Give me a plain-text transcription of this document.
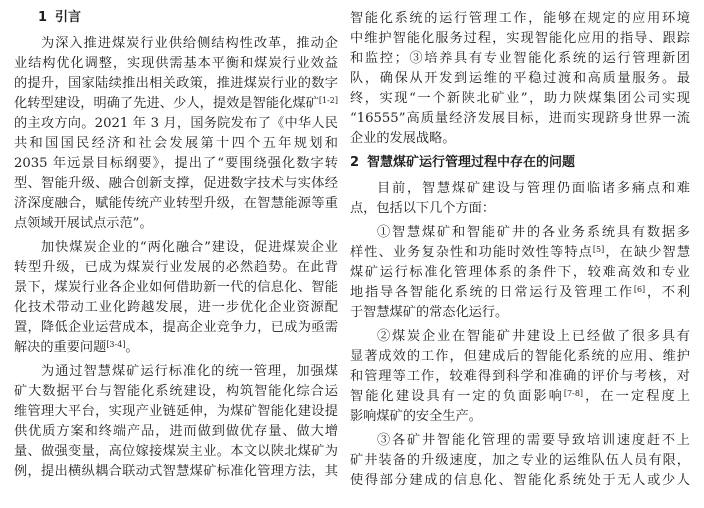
1 引言
为深入推进煤炭行业供给侧结构性改革，推动企
业结构优化调整，实现供需基本平衡和煤炭行业效益
的提升，国家陆续推出相关政策，推进煤炭行业的数字
化转型建设，明确了先进、少人，提效是智能化煤矿[1-2]
的主攻方向。2021 年 3 月，国务院发布了《中华人民
共和国国民经济和社会发展第十四个五年规划和
2035 年远景目标纲要》，提出了“要围绕强化数字转
型、智能升级、融合创新支撑，促进数字技术与实体经
济深度融合，赋能传统产业转型升级，在智慧能源等重
点领域开展试点示范”。
加快煤炭企业的“两化融合”建设，促进煤炭企业
转型升级，已成为煤炭行业发展的必然趋势。在此背
景下，煤炭行业各企业如何借助新一代的信息化、智能
化技术带动工业化跨越发展，进一步优化企业资源配
置，降低企业运营成本，提高企业竞争力，已成为亟需
解决的重要问题[3-4]。
为通过智慧煤矿运行标准化的统一管理，加强煤
矿大数据平台与智能化系统建设，构筑智能化综合运
维管理大平台，实现产业链延伸，为煤矿智能化建设提
供优质方案和终端产品，进而做到做优存量、做大增
量、做强变量，高位嫁接煤炭主业。本文以陕北煤矿为
例，提出横纵耦合联动式智慧煤矿标准化管理方法，其
智能化系统的运行管理工作，能够在规定的应用环境
中维护智能化服务过程，实现智能化应用的指导、跟踪
和监控；③培养具有专业智能化系统的运行管理新团
队，确保从开发到运维的平稳过渡和高质量服务。最
终，实现“一个新陕北矿业”，助力陕煤集团公司实现
“16555”高质量经济发展目标，进而实现跻身世界一流
企业的发展战略。
2 智慧煤矿运行管理过程中存在的问题
目前，智慧煤矿建设与管理仍面临诸多痛点和难
点，包括以下几个方面：
①智慧煤矿和智能矿井的各业务系统具有数据多
样性、业务复杂性和功能时效性等特点[5]，在缺少智慧
煤矿运行标准化管理体系的条件下，较难高效和专业
地指导各智能化系统的日常运行及管理工作[6]，不利
于智慧煤矿的常态化运行。
②煤炭企业在智能矿井建设上已经做了很多具有
显著成效的工作，但建成后的智能化系统的应用、维护
和管理等工作，较难得到科学和准确的评价与考核，对
智能化建设具有一定的负面影响[7-8]，在一定程度上
影响煤矿的安全生产。
③各矿井智能化管理的需要导致培训速度赶不上
矿井装备的升级速度，加之专业的运维队伍人员有限，
使得部分建成的信息化、智能化系统处于无人或少人
